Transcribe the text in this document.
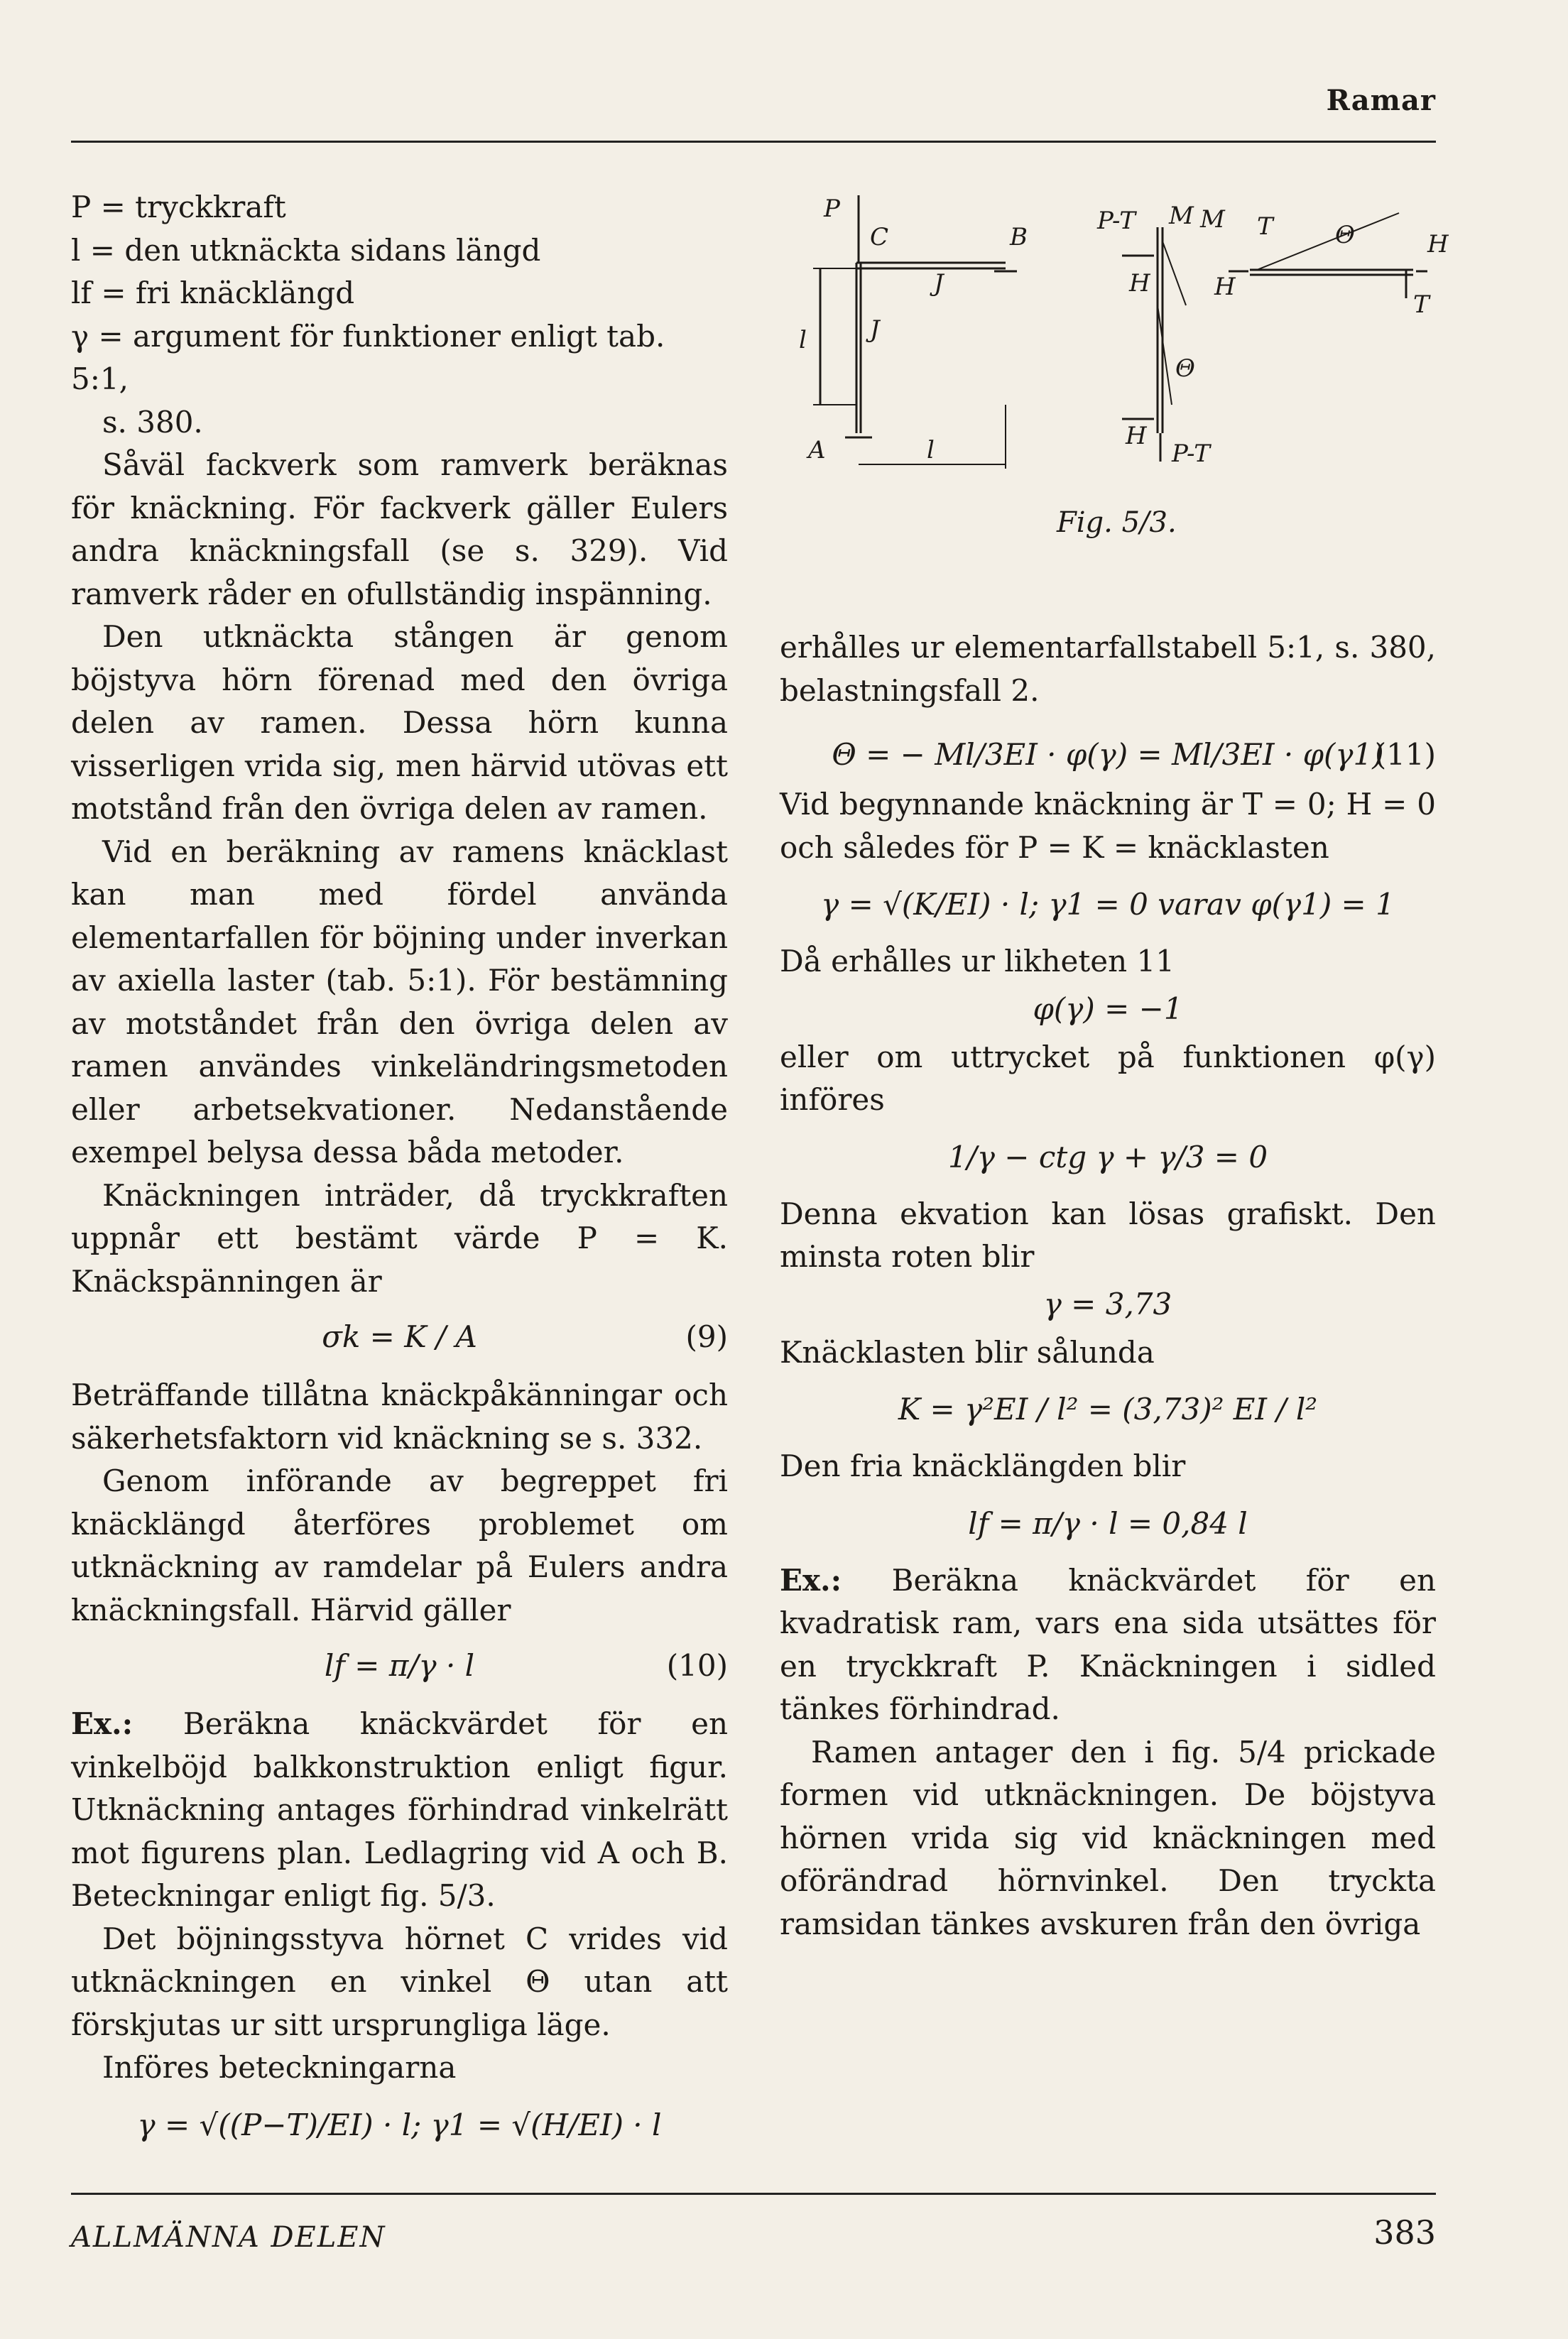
Ramar
P = tryckkraft
l = den utknäckta sidans längd
lf = fri knäcklängd
γ = argument för funktioner enligt tab. 5:1,
s. 380.

Såväl fackverk som ramverk beräknas för knäckning. För fackverk gäller Eulers andra knäckningsfall (se s. 329). Vid ramverk råder en ofullständig inspänning.

Den utknäckta stången är genom böjstyva hörn förenad med den övriga delen av ramen. Dessa hörn kunna visserligen vrida sig, men härvid utövas ett motstånd från den övriga delen av ramen.

Vid en beräkning av ramens knäcklast kan man med fördel använda elementarfallen för böjning under inverkan av axiella laster (tab. 5:1). För bestämning av motståndet från den övriga delen av ramen användes vinkeländringsmetoden eller arbetsekvationer. Nedanstående exempel belysa dessa båda metoder.

Knäckningen inträder, då tryckkraften uppnår ett bestämt värde P = K. Knäckspänningen är

σk = K / A	(9)

Beträffande tillåtna knäckpåkänningar och säkerhetsfaktorn vid knäckning se s. 332.

Genom införande av begreppet fri knäcklängd återföres problemet om utknäckning av ramdelar på Eulers andra knäckningsfall. Härvid gäller

lf = π/γ · l	(10)

Ex.: Beräkna knäckvärdet för en vinkelböjd balkkonstruktion enligt figur. Utknäckning antages förhindrad vinkelrätt mot figurens plan. Ledlagring vid A och B. Beteckningar enligt fig. 5/3.

Det böjningsstyva hörnet C vrides vid utknäckningen en vinkel Θ utan att förskjutas ur sitt ursprungliga läge.

Införes beteckningarna

γ = √((P−T)/EI) · l; γ1 = √(H/EI) · l
P
C	B
J
J
l
A	l
P-T M M T
H
H	H
Θ
Θ
H
T
P-T
Fig. 5/3.

erhålles ur elementarfallstabell 5:1, s. 380, belastningsfall 2.

Θ = − Ml/3EI · φ(γ) = Ml/3EI · φ(γ1)
(11)

Vid begynnande knäckning är T = 0; H = 0 och således för P = K = knäcklasten

γ = √(K/EI) · l; γ1 = 0 varav φ(γ1) = 1

Då erhålles ur likheten 11

φ(γ) = −1

eller om uttrycket på funktionen φ(γ) införes

1/γ − ctg γ + γ/3 = 0

Denna ekvation kan lösas grafiskt. Den minsta roten blir

γ = 3,73

Knäcklasten blir sålunda

K = γ²EI / l² = (3,73)² EI / l²

Den fria knäcklängden blir

lf = π/γ · l = 0,84 l

Ex.: Beräkna knäckvärdet för en kvadratisk ram, vars ena sida utsättes för en tryckkraft P. Knäckningen i sidled tänkes förhindrad.

Ramen antager den i fig. 5/4 prickade formen vid utknäckningen. De böjstyva hörnen vrida sig vid knäckningen med oförändrad hörnvinkel. Den tryckta ramsidan tänkes avskuren från den övriga

ALLMÄNNA DELEN	383
